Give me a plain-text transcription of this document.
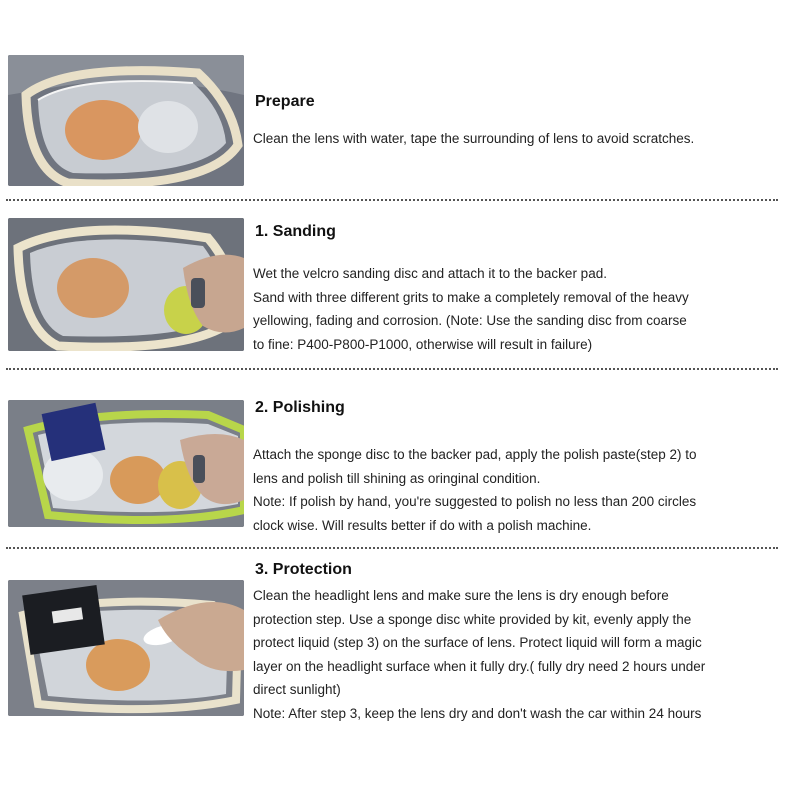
Prepare
Clean the lens with water, tape the surrounding of lens to avoid scratches.
1. Sanding
Wet the velcro sanding disc and attach it to the backer pad.
Sand with three different grits to make a completely removal of the heavy
yellowing, fading and corrosion. (Note: Use the sanding disc from coarse
to fine: P400-P800-P1000, otherwise will result in failure)
2. Polishing
Attach the sponge disc to the backer pad, apply the polish paste(step 2) to
lens and polish till shining as oringinal condition.
Note: If polish by hand, you're suggested to polish no less than 200 circles
clock wise. Will results better if do with a polish machine.
3. Protection
Clean the headlight lens and make sure the lens is dry enough before
protection step. Use a sponge disc white provided by kit, evenly apply the
protect liquid (step 3) on the surface of lens. Protect liquid will form a magic
layer on the headlight surface when it fully dry.( fully dry need 2 hours under
direct sunlight)
Note: After step 3, keep the lens dry and don't wash the car within 24 hours
